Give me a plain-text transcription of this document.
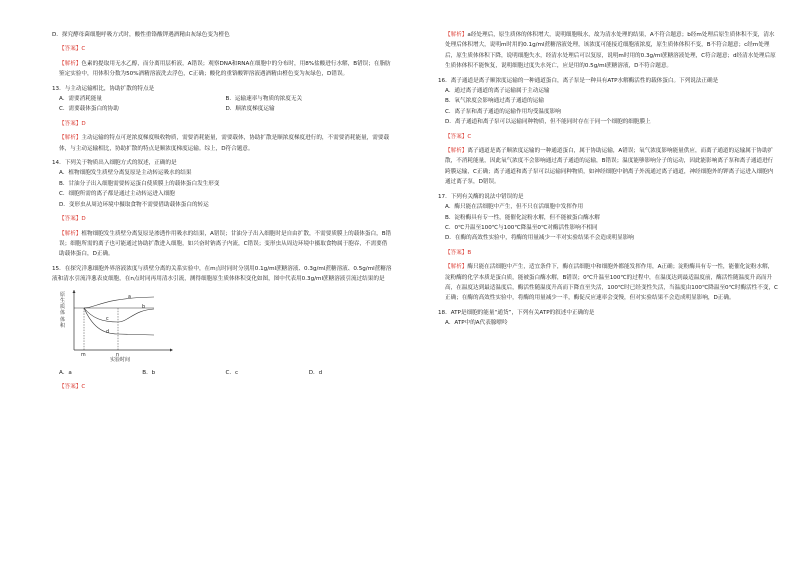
D．探究酵母菌细胞呼吸方式时，酸性重铬酸钾遇酒精由灰绿色变为橙色

【答案】C

【解析】色素的提取用无水乙醇，而分离用层析液，A错误；观察DNA和RNA在细胞中的分布时，用8%盐酸进行水解，B错误；在脂肪鉴定实验中，用体积分数为50%酒精溶液洗去浮色，C正确；酸化的重铬酸钾溶液遇酒精由橙色变为灰绿色，D错误。

13．与主动运输相比，协助扩散的特点是

A．需要消耗能量	B．运输速率与物质的浓度无关
C．需要载体蛋白的协助	D．顺浓度梯度运输

【答案】D

【解析】主动运输的特点可逆浓度梯度吸收物质，需要消耗能量，需要载体，协助扩散是顺浓度梯度进行的，不需要消耗能量，需要载体，与主动运输相比，协助扩散的特点是顺浓度梯度运输。综上，D符合题意。

14．下列关于物质出入细胞方式的叙述，正确的是

A．植物细胞发生质壁分离复原是主动转运吸水的结果

B．甘油分子出入细胞需要转运蛋白使质膜上的载体蛋白发生形变

C．细胞所需的离子都是通过主动转运进入细胞

D．变形虫从周边环境中摄取食物不需要借助载体蛋白的转运

【答案】D

【解析】植物细胞发生质壁分离复原是渗透作用吸水的结果，A错误；甘油分子出入细胞时是自由扩散，不需要质膜上的载体蛋白，B错误；细胞所需的离子也可能通过协助扩散进入细胞，如兴奋时钠离子内流，C错误；变形虫从周边环境中摄取食物属于胞吞，不需要借助载体蛋白，D正确。

15．在探究洋葱细胞外界溶液浓度与质壁分离的关系实验中，在m点时同时分别用0.1g/ml蔗糖溶液、0.3g/ml蔗糖溶液、0.5g/ml蔗糖溶液和清水引流洋葱表皮细胞，在n点时同再用清水引流，测得细胞原生质体体积变化如图，图中代表用0.3g/ml蔗糖溶液引流过结果的是

原生质体体积
m	n
a
b
c
d
实验时间
A．a	B．b	C．c	D．d

【答案】C

【解析】a经处理后，原生质体的体积增大，说明细胞吸水，故为清水处理的结果，A不符合题意；b经m处理后原生质体积不变，清水处理后体积增大，说明m时用的0.1g/ml蔗糖溶液处理，该浓度可能接近细胞液浓度，原生质体体积不变，B不符合题意；c经m处理后，原生质体体积下降，说明细胞失水，经清水处理后可以复原，说明m时用的0.3g/ml蔗糖溶液处理，C符合题意；d经清水处理后原生质体体积不能恢复，说明细胞过度失水死亡，应是用的0.5g/ml蔗糖溶液，D不符合题意。

16．离子通道是离子顺浓度运输的一种通道蛋白，离子泵是一种具有ATP水解酶活性的载体蛋白。下列说法正确是

A．通过离子通道的离子运输属于主动运输

B．氧气浓度会影响通过离子通道的运输

C．离子泵和离子通道的运输作用均受温度影响

D．离子通道和离子泵可以运输同种物质，但不能同时存在于同一个细胞的细胞膜上

【答案】C

【解析】离子通道是离子顺浓度运输的一种通道蛋白，属于协助运输，A错误；氧气浓度影响能量供应，而离子通道的运输属于协助扩散，不消耗能量，因此氧气浓度不会影响通过离子通道的运输，B错误；温度能够影响分子的运动，因此能影响离子泵和离子通道进行跨膜运输，C正确；离子通道和离子泵可以运输同种物质，如神经细胞中钠离子外流通过离子通道，神经细胞外的钾离子运进入细胞内通过离子泵，D错误。

17．下列有关酶的说法中错误的是

A．酶只能在活细胞中产生，但不只在活细胞中发挥作用

B．淀粉酶具有专一性，能催化淀粉水解，但不能被蛋白酶水解

C．0℃升温至100℃与100℃降温至0℃对酶活性影响不相同

D．在酶的高效性实验中，将酶的用量减少一半对实验结果不会造成明显影响

【答案】B

【解析】酶只能在活细胞中产生，适宜条件下，酶在活细胞中和细胞外都能发挥作用，A正确；淀粉酶具有专一性，能催化淀粉水解，淀粉酶的化学本质是蛋白质，能被蛋白酶水解，B错误；0℃升温至100℃的过程中，在温度达到最适温度前，酶活性随温度升高而升高，在温度达到最适温度后，酶活性随温度升高而下降直至失活，100℃时已经变性失活，当温度由100℃降温至0℃时酶活性不变，C正确；在酶的高效性实验中，将酶的用量减少一半，酶促反应速率会变慢，但对实验结果不会造成明显影响，D正确。

18．ATP是细胞的能量“通货”，下列有关ATP的叙述中正确的是

A．ATP中的A代表腺嘌呤
